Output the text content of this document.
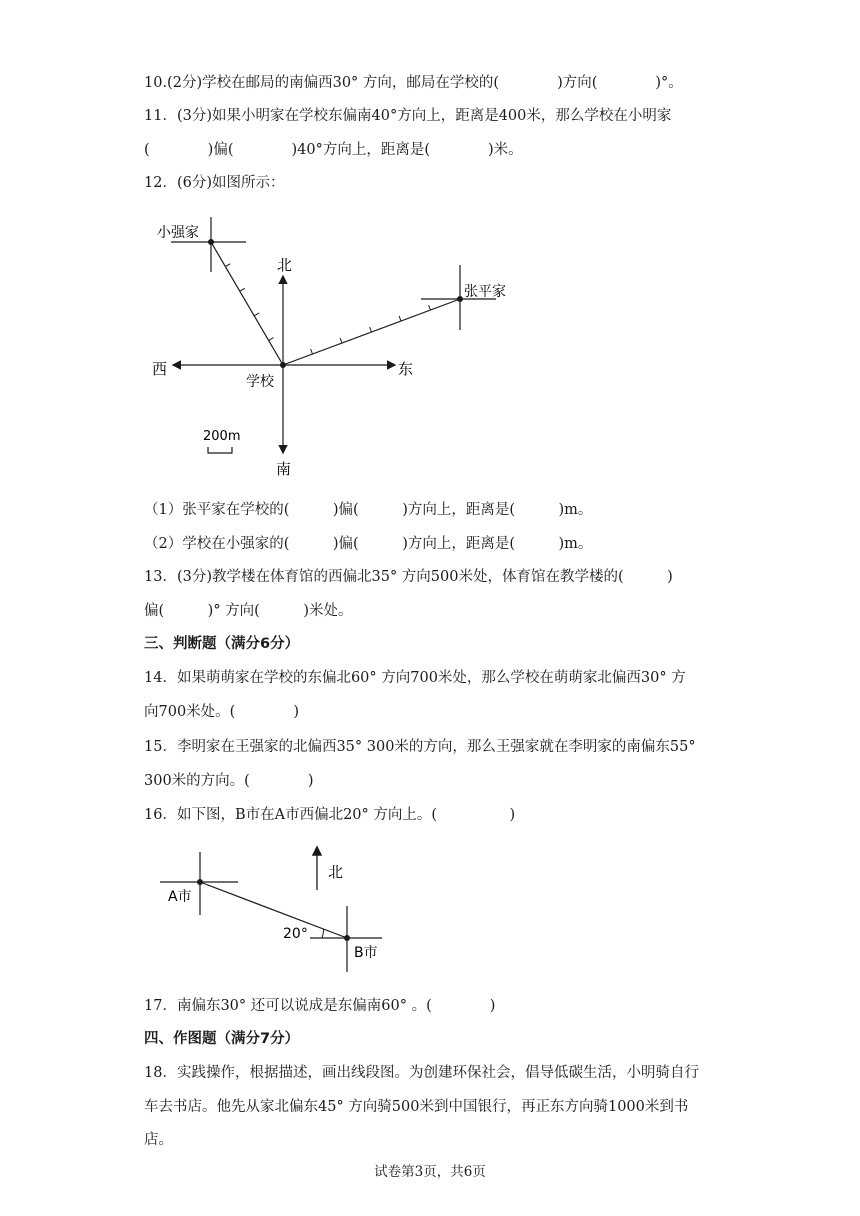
10.(2分)学校在邮局的南偏西30° 方向，邮局在学校的(　　　　)方向(　　　　)°。
11．(3分)如果小明家在学校东偏南40°方向上，距离是400米，那么学校在小明家
(　　　　)偏(　　　　)40°方向上，距离是(　　　　)米。
12．(6分)如图所示：
北
南
东
西
学校
小强家
张平家
200m
（1）张平家在学校的(　　　)偏(　　　)方向上，距离是(　　　)m。
（2）学校在小强家的(　　　)偏(　　　)方向上，距离是(　　　)m。
13．(3分)教学楼在体育馆的西偏北35° 方向500米处，体育馆在教学楼的(　　　)
偏(　　　)° 方向(　　　)米处。
三、判断题（满分6分）
14．如果萌萌家在学校的东偏北60° 方向700米处，那么学校在萌萌家北偏西30° 方
向700米处。(　　　　)
15．李明家在王强家的北偏西35° 300米的方向，那么王强家就在李明家的南偏东55°
300米的方向。(　　　　)
16．如下图，B市在A市西偏北20° 方向上。(　　　　　)
北
A市
B市
20°
17．南偏东30° 还可以说成是东偏南60° 。(　　　　)
四、作图题（满分7分）
18．实践操作，根据描述，画出线段图。为创建环保社会，倡导低碳生活，小明骑自行
车去书店。他先从家北偏东45° 方向骑500米到中国银行，再正东方向骑1000米到书
店。
试卷第3页，共6页
